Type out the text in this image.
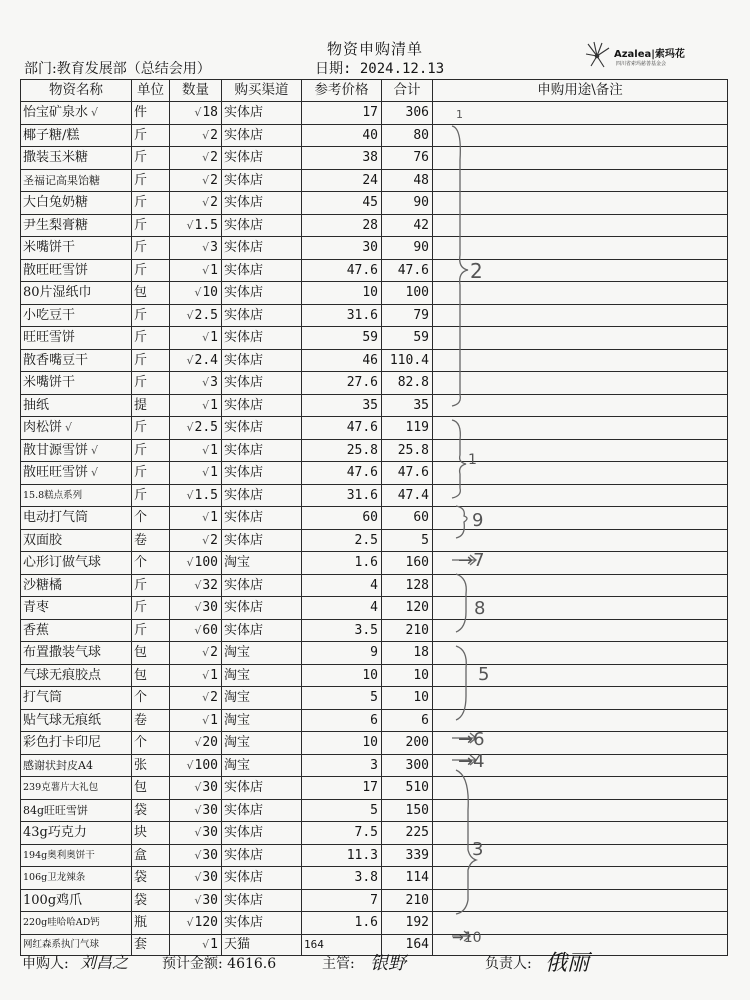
物资申购清单	Azalea|索玛花
四川省索玛慈善基金会
部门:教育发展部（总结会用）	日期: 2024.12.13
物资名称	单位	数量	购买渠道	参考价格	合计	申购用途\备注
怡宝矿泉水 √	件	√18	实体店	17	306	
椰子糖/糕	斤	√2	实体店	40	80	
撒装玉米糖	斤	√2	实体店	38	76	
圣福记高果饴糖	斤	√2	实体店	24	48	
大白兔奶糖	斤	√2	实体店	45	90	
尹生梨膏糖	斤	√1.5	实体店	28	42	
米嘴饼干	斤	√3	实体店	30	90	
散旺旺雪饼	斤	√1	实体店	47.6	47.6	
80片湿纸巾	包	√10	实体店	10	100	
小吃豆干	斤	√2.5	实体店	31.6	79	
旺旺雪饼	斤	√1	实体店	59	59	
散香嘴豆干	斤	√2.4	实体店	46	110.4	
米嘴饼干	斤	√3	实体店	27.6	82.8	
抽纸	提	√1	实体店	35	35	
肉松饼 √	斤	√2.5	实体店	47.6	119	
散甘源雪饼 √	斤	√1	实体店	25.8	25.8	
散旺旺雪饼 √	斤	√1	实体店	47.6	47.6	
15.8糕点系列	斤	√1.5	实体店	31.6	47.4	
电动打气筒	个	√1	实体店	60	60	
双面胶	卷	√2	实体店	2.5	5	
心形订做气球	个	√100	淘宝	1.6	160	
沙糖橘	斤	√32	实体店	4	128	
青枣	斤	√30	实体店	4	120	
香蕉	斤	√60	实体店	3.5	210	
布置撒装气球	包	√2	淘宝	9	18	
气球无痕胶点	包	√1	淘宝	10	10	
打气筒	个	√2	淘宝	5	10	
贴气球无痕纸	卷	√1	淘宝	6	6	
彩色打卡印尼	个	√20	淘宝	10	200	
感谢状封皮A4	张	√100	淘宝	3	300	
239克薯片大礼包	包	√30	实体店	17	510	
84g旺旺雪饼	袋	√30	实体店	5	150	
43g巧克力	块	√30	实体店	7.5	225	
194g奥利奥饼干	盒	√30	实体店	11.3	339	
106g卫龙辣条	袋	√30	实体店	3.8	114	
100g鸡爪	袋	√30	实体店	7	210	
220g哇哈哈AD钙	瓶	√120	实体店	1.6	192	
网红森系执门气球	套	√1	天猫	164	164	
1
2
1
9
→7
8
5
→6
→4
3
→10
申购人: 刘昌之 预计金额: 4616.6	主管: 银野	负责人: 俄丽
